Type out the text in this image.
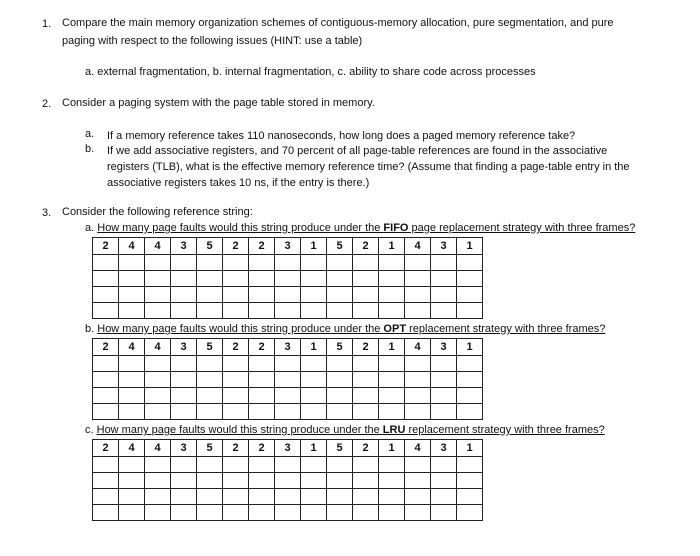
1. Compare the main memory organization schemes of contiguous-memory allocation, pure segmentation, and pure
paging with respect to the following issues (HINT: use a table)
a. external fragmentation, b. internal fragmentation, c. ability to share code across processes
2. Consider a paging system with the page table stored in memory.
a. If a memory reference takes 110 nanoseconds, how long does a paged memory reference take?
b. If we add associative registers, and 70 percent of all page-table references are found in the associative
registers (TLB), what is the effective memory reference time? (Assume that finding a page-table entry in the
associative registers takes 10 ns, if the entry is there.)
3. Consider the following reference string:
a. How many page faults would this string produce under the FIFO page replacement strategy with three frames?
2	4	4	3	5	2	2	3	1	5	2	1	4	3	1

b. How many page faults would this string produce under the OPT replacement strategy with three frames?
2	4	4	3	5	2	2	3	1	5	2	1	4	3	1

c. How many page faults would this string produce under the LRU replacement strategy with three frames?
2	4	4	3	5	2	2	3	1	5	2	1	4	3	1
